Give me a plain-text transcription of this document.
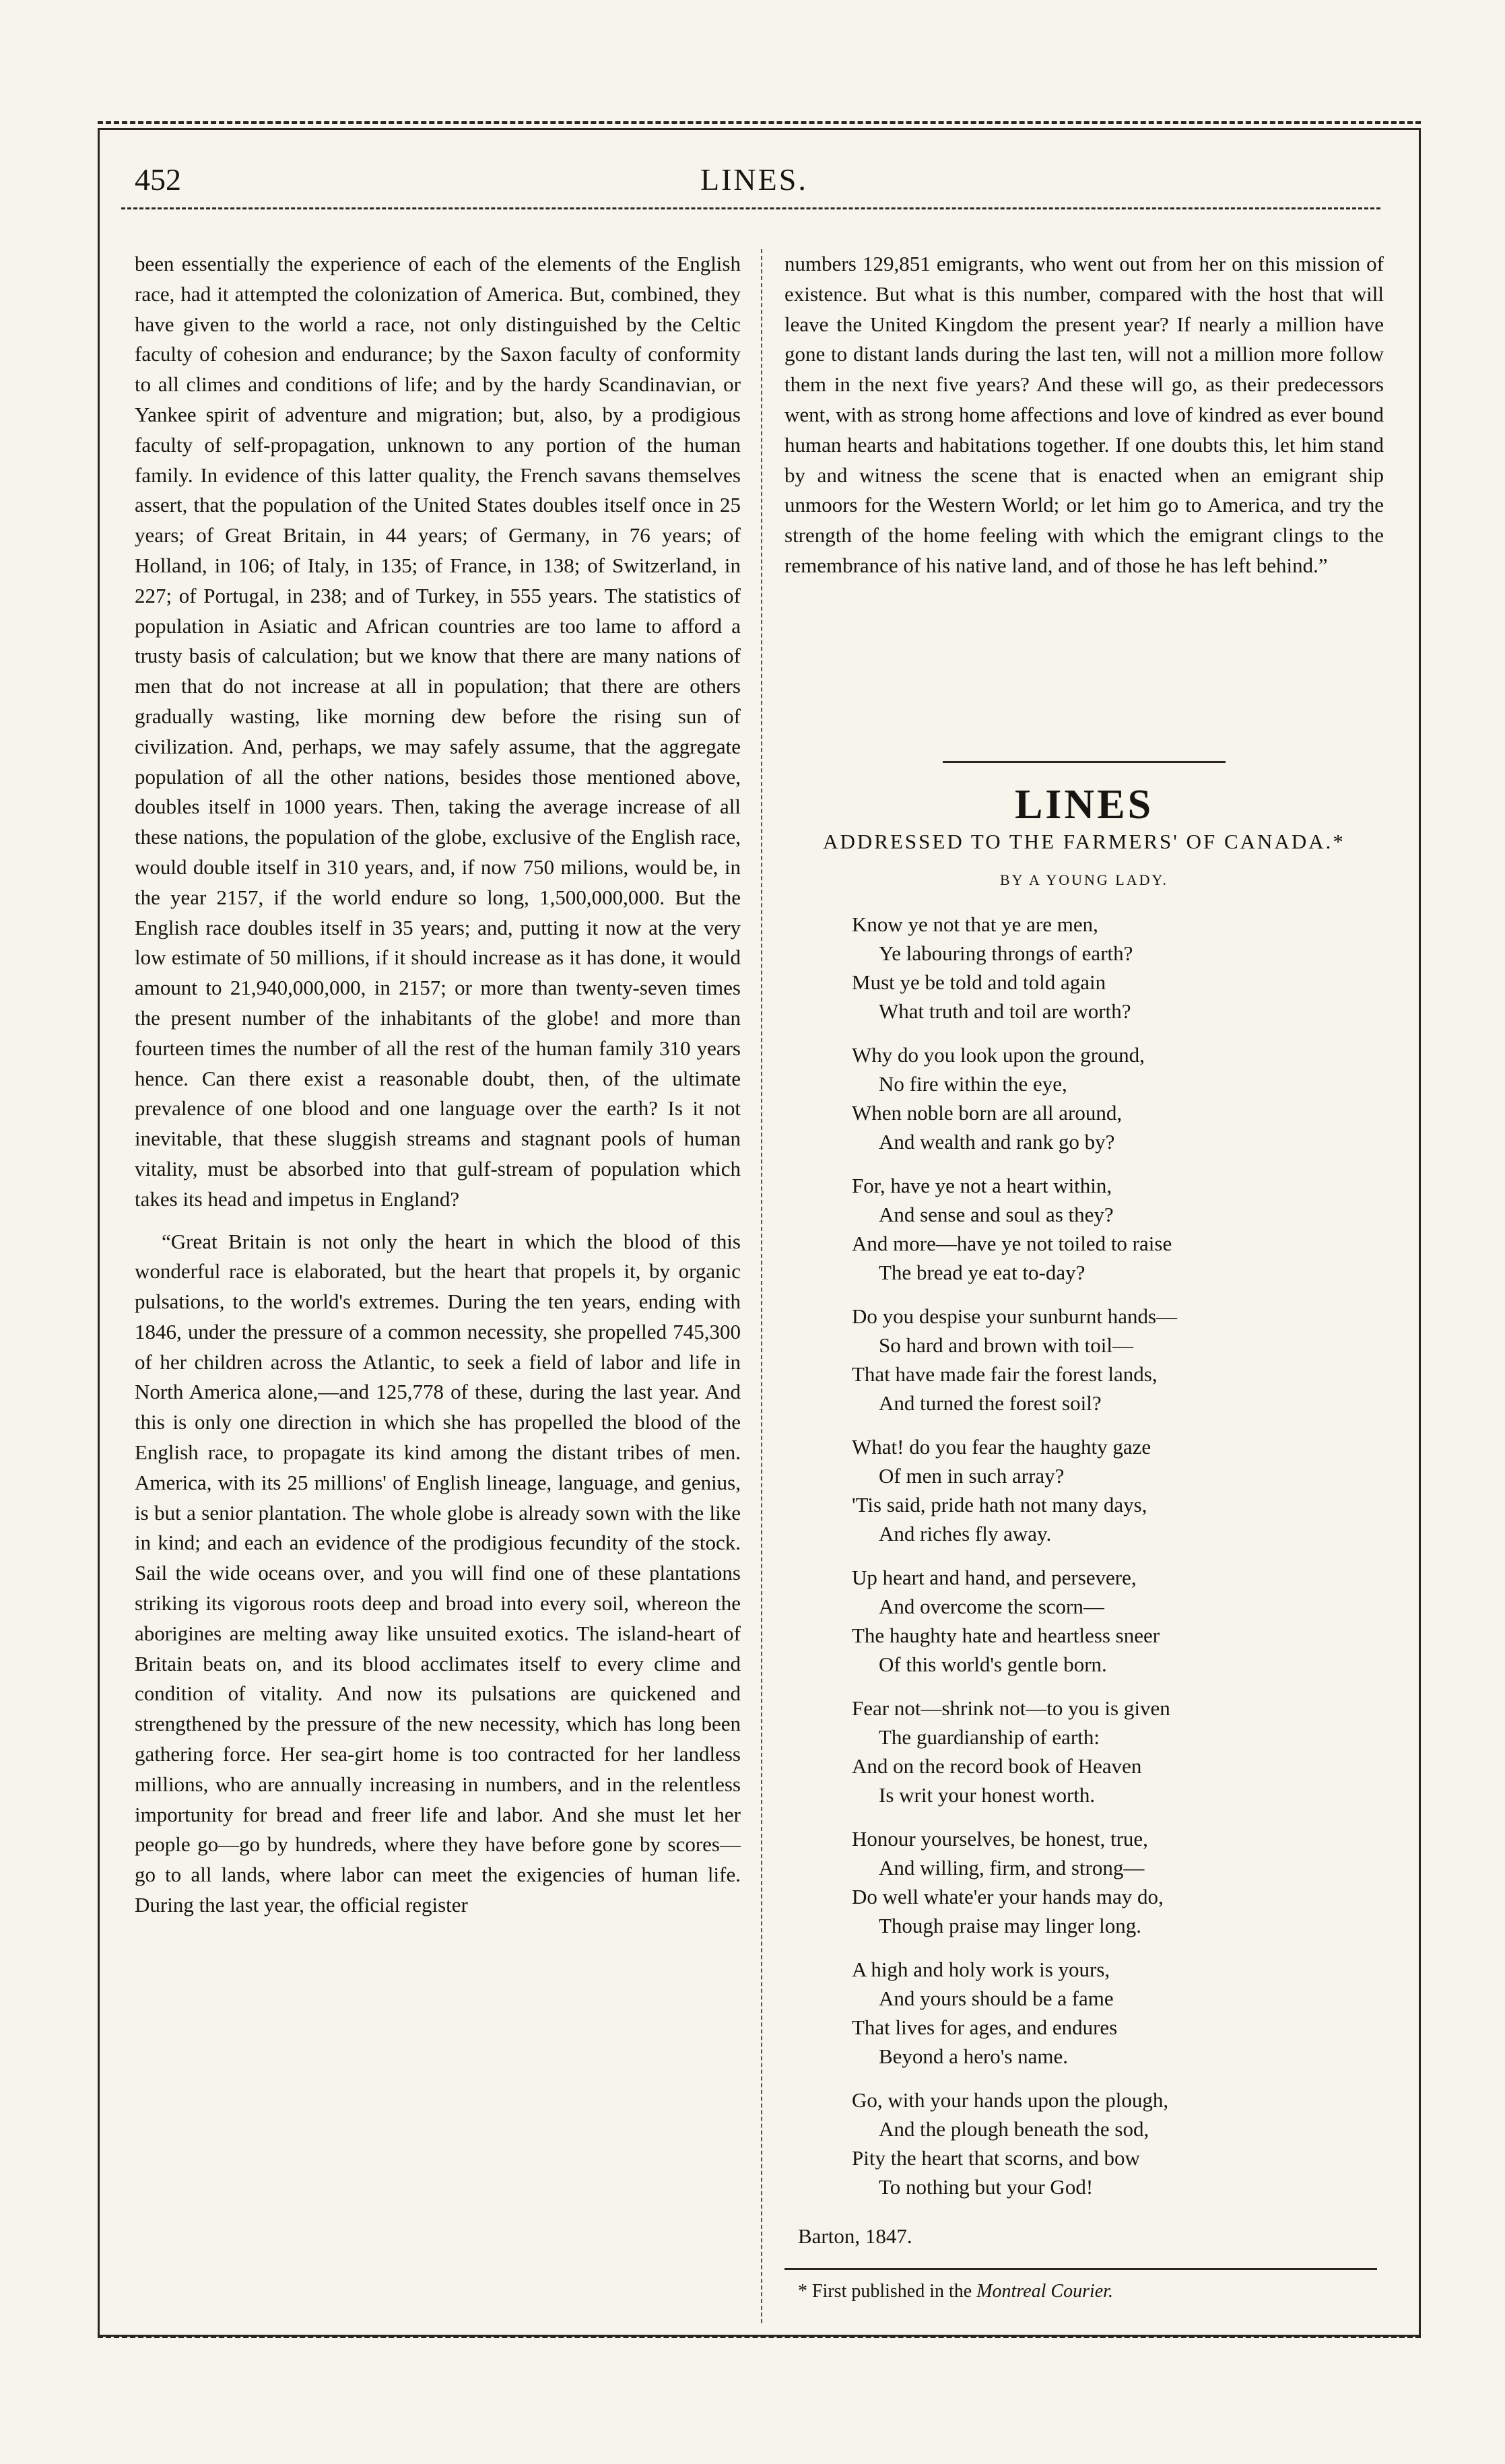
452	LINES.

been essentially the experience of each of the elements of the English race, had it attempted the colonization of America. But, combined, they have given to the world a race, not only distinguished by the Celtic faculty of cohesion and endurance; by the Saxon faculty of conformity to all climes and conditions of life; and by the hardy Scandinavian, or Yankee spirit of adventure and migration; but, also, by a prodigious faculty of self-propagation, unknown to any portion of the human family. In evidence of this latter quality, the French savans themselves assert, that the population of the United States doubles itself once in 25 years; of Great Britain, in 44 years; of Germany, in 76 years; of Holland, in 106; of Italy, in 135; of France, in 138; of Switzerland, in 227; of Portugal, in 238; and of Turkey, in 555 years. The statistics of population in Asiatic and African countries are too lame to afford a trusty basis of calculation; but we know that there are many nations of men that do not increase at all in population; that there are others gradually wasting, like morning dew before the rising sun of civilization. And, perhaps, we may safely assume, that the aggregate population of all the other nations, besides those mentioned above, doubles itself in 1000 years. Then, taking the average increase of all these nations, the population of the globe, exclusive of the English race, would double itself in 310 years, and, if now 750 milions, would be, in the year 2157, if the world endure so long, 1,500,000,000. But the English race doubles itself in 35 years; and, putting it now at the very low estimate of 50 millions, if it should increase as it has done, it would amount to 21,940,000,000, in 2157; or more than twenty-seven times the present number of the inhabitants of the globe! and more than fourteen times the number of all the rest of the human family 310 years hence. Can there exist a reasonable doubt, then, of the ultimate prevalence of one blood and one language over the earth? Is it not inevitable, that these sluggish streams and stagnant pools of human vitality, must be absorbed into that gulf-stream of population which takes its head and impetus in England?

“Great Britain is not only the heart in which the blood of this wonderful race is elaborated, but the heart that propels it, by organic pulsations, to the world's extremes. During the ten years, ending with 1846, under the pressure of a common necessity, she propelled 745,300 of her children across the Atlantic, to seek a field of labor and life in North America alone,—and 125,778 of these, during the last year. And this is only one direction in which she has propelled the blood of the English race, to propagate its kind among the distant tribes of men. America, with its 25 millions' of English lineage, language, and genius, is but a senior plantation. The whole globe is already sown with the like in kind; and each an evidence of the prodigious fecundity of the stock. Sail the wide oceans over, and you will find one of these plantations striking its vigorous roots deep and broad into every soil, whereon the aborigines are melting away like unsuited exotics. The island-heart of Britain beats on, and its blood acclimates itself to every clime and condition of vitality. And now its pulsations are quickened and strengthened by the pressure of the new necessity, which has long been gathering force. Her sea-girt home is too contracted for her landless millions, who are annually increasing in numbers, and in the relentless importunity for bread and freer life and labor. And she must let her people go—go by hundreds, where they have before gone by scores—go to all lands, where labor can meet the exigencies of human life. During the last year, the official register

numbers 129,851 emigrants, who went out from her on this mission of existence. But what is this number, compared with the host that will leave the United Kingdom the present year? If nearly a million have gone to distant lands during the last ten, will not a million more follow them in the next five years? And these will go, as their predecessors went, with as strong home affections and love of kindred as ever bound human hearts and habitations together. If one doubts this, let him stand by and witness the scene that is enacted when an emigrant ship unmoors for the Western World; or let him go to America, and try the strength of the home feeling with which the emigrant clings to the remembrance of his native land, and of those he has left behind.”

LINES
ADDRESSED TO THE FARMERS' OF CANADA.*
BY A YOUNG LADY.
Know ye not that ye are men,
Ye labouring throngs of earth?
Must ye be told and told again
What truth and toil are worth?
Why do you look upon the ground,
No fire within the eye,
When noble born are all around,
And wealth and rank go by?
For, have ye not a heart within,
And sense and soul as they?
And more—have ye not toiled to raise
The bread ye eat to-day?
Do you despise your sunburnt hands—
So hard and brown with toil—
That have made fair the forest lands,
And turned the forest soil?
What! do you fear the haughty gaze
Of men in such array?
'Tis said, pride hath not many days,
And riches fly away.
Up heart and hand, and persevere,
And overcome the scorn—
The haughty hate and heartless sneer
Of this world's gentle born.
Fear not—shrink not—to you is given
The guardianship of earth:
And on the record book of Heaven
Is writ your honest worth.
Honour yourselves, be honest, true,
And willing, firm, and strong—
Do well whate'er your hands may do,
Though praise may linger long.
A high and holy work is yours,
And yours should be a fame
That lives for ages, and endures
Beyond a hero's name.
Go, with your hands upon the plough,
And the plough beneath the sod,
Pity the heart that scorns, and bow
To nothing but your God!
Barton, 1847.
* First published in the Montreal Courier.
